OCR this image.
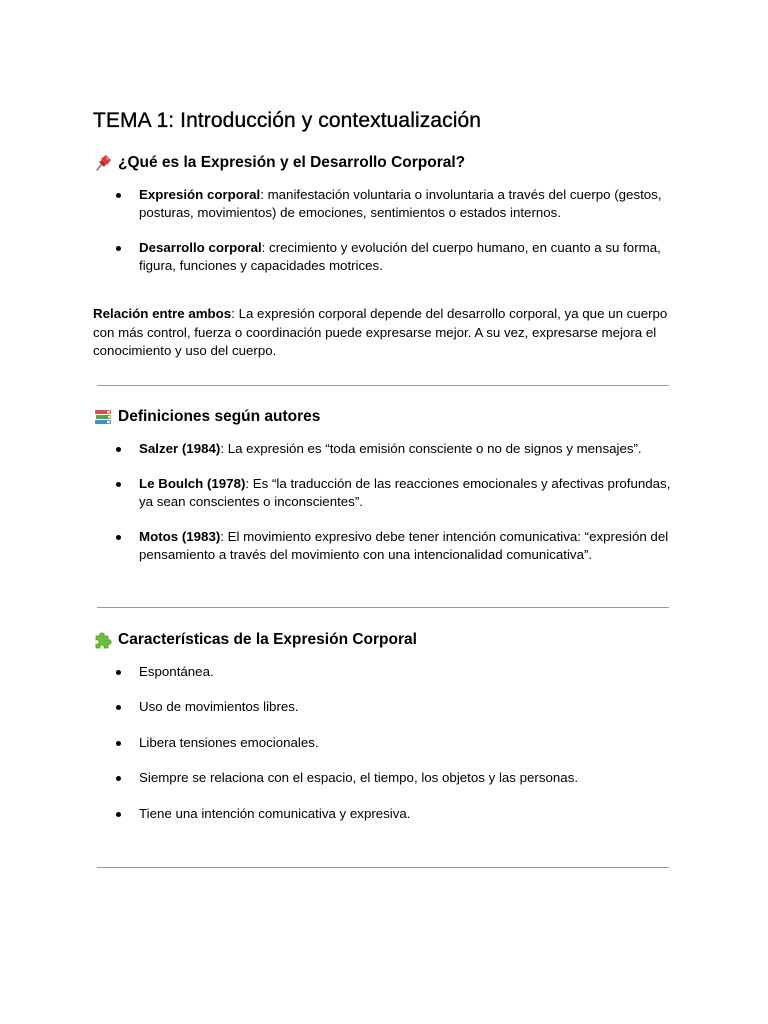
TEMA 1: Introducción y contextualización
¿Qué es la Expresión y el Desarrollo Corporal?
Expresión corporal: manifestación voluntaria o involuntaria a través del cuerpo (gestos, posturas, movimientos) de emociones, sentimientos o estados internos.
Desarrollo corporal: crecimiento y evolución del cuerpo humano, en cuanto a su forma, figura, funciones y capacidades motrices.

Relación entre ambos: La expresión corporal depende del desarrollo corporal, ya que un cuerpo con más control, fuerza o coordinación puede expresarse mejor. A su vez, expresarse mejora el conocimiento y uso del cuerpo.

Definiciones según autores
Salzer (1984): La expresión es “toda emisión consciente o no de signos y mensajes”.
Le Boulch (1978): Es “la traducción de las reacciones emocionales y afectivas profundas, ya sean conscientes o inconscientes”.
Motos (1983): El movimiento expresivo debe tener intención comunicativa: “expresión del pensamiento a través del movimiento con una intencionalidad comunicativa”.
Características de la Expresión Corporal
Espontánea.
Uso de movimientos libres.
Libera tensiones emocionales.
Siempre se relaciona con el espacio, el tiempo, los objetos y las personas.
Tiene una intención comunicativa y expresiva.
